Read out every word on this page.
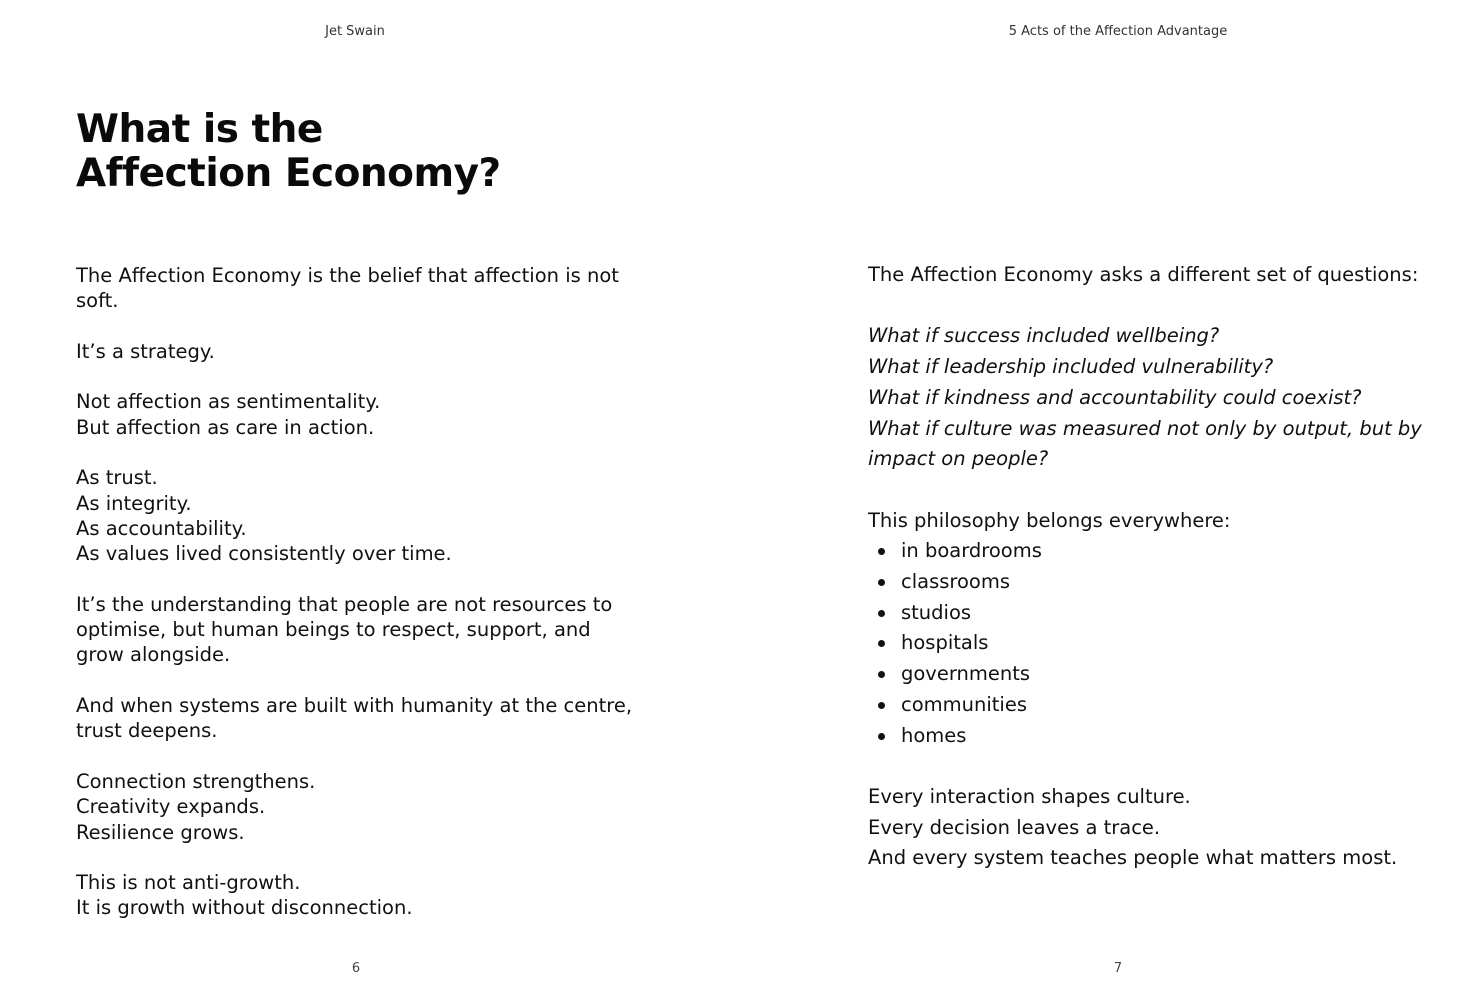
Jet Swain
What is the
Affection Economy?

The Affection Economy is the belief that affection is not soft.

It’s a strategy.

Not affection as sentimentality.
But affection as care in action.

As trust.
As integrity.
As accountability.
As values lived consistently over time.

It’s the understanding that people are not resources to optimise, but human beings to respect, support, and grow alongside.

And when systems are built with humanity at the centre, trust deepens.

Connection strengthens.
Creativity expands.
Resilience grows.

This is not anti-growth.
It is growth without disconnection.

6
5 Acts of the Affection Advantage

The Affection Economy asks a different set of questions:

What if success included wellbeing?
What if leadership included vulnerability?
What if kindness and accountability could coexist?
What if culture was measured not only by output, but by impact on people?

This philosophy belongs everywhere:

in boardrooms
classrooms
studios
hospitals
governments
communities
homes

Every interaction shapes culture.
Every decision leaves a trace.
And every system teaches people what matters most.

7
